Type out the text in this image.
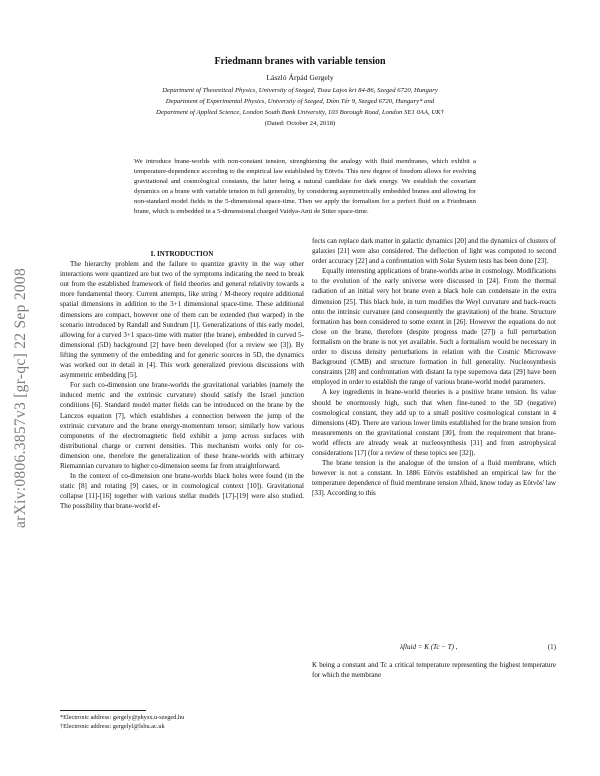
Friedmann branes with variable tension
László Árpád Gergely
Department of Theoretical Physics, University of Szeged, Tisza Lajos krt 84-86, Szeged 6720, Hungary
Department of Experimental Physics, University of Szeged, Dóm Tér 9, Szeged 6720, Hungary* and
Department of Applied Science, London South Bank University, 103 Borough Road, London SE1 0AA, UK†
(Dated: October 24, 2018)
We introduce brane-worlds with non-constant tension, strenghtening the analogy with fluid membranes, which exhibit a temperature-dependence according to the empirical law established by Eötvös. This new degree of freedom allows for evolving gravitational and cosmological constants, the latter being a natural candidate for dark energy. We establish the covariant dynamics on a brane with variable tension in full generality, by considering asymmetrically embedded branes and allowing for non-standard model fields in the 5-dimensional space-time. Then we apply the formalism for a perfect fluid on a Friedmann brane, which is embedded in a 5-dimensional charged Vaidya-Anti de Sitter space-time.
arXiv:0806.3857v3 [gr-qc] 22 Sep 2008

I. INTRODUCTION

The hierarchy problem and the failure to quantize gravity in the way other interactions were quantized are but two of the symptoms indicating the need to break out from the established framework of field theories and general relativity towards a more fundamental theory. Current attempts, like string / M-theory require additional spatial dimensions in addition to the 3+1 dimensional space-time. These additional dimensions are compact, however one of them can be extended (but warped) in the scenario introduced by Randall and Sundrum [1]. Generalizations of this early model, allowing for a curved 3+1 space-time with matter (the brane), embedded in curved 5-dimensional (5D) background [2] have been developed (for a review see [3]). By lifting the symmetry of the embedding and for generic sources in 5D, the dynamics was worked out in detail in [4]. This work generalized previous discussions with asymmetric embedding [5].

For such co-dimension one brane-worlds the gravitational variables (namely the induced metric and the extrinsic curvature) should satisfy the Israel junction conditions [6]. Standard model matter fields can be introduced on the brane by the Lanczos equation [7], which establishes a connection between the jump of the extrinsic curvature and the brane energy-momentum tensor; similarly how various components of the electromagnetic field exhibit a jump across surfaces with distributional charge or current densities. This mechanism works only for co-dimension one, therefore the generalization of these brane-worlds with arbitrary Riemannian curvature to higher co-dimension seems far from straightforward.

In the context of co-dimension one brane-worlds black holes were found (in the static [8] and rotating [9] cases, or in cosmological context [10]). Gravitational collapse [11]-[16] together with various stellar models [17]-[19] were also studied. The possibility that brane-world ef-

fects can replace dark matter in galactic dynamics [20] and the dynamics of clusters of galaxies [21] were also considered. The deflection of light was computed to second order accuracy [22] and a confrontation with Solar System tests has been done [23].

Equally interesting applications of brane-worlds arise in cosmology. Modifications to the evolution of the early universe were discussed in [24]. From the thermal radiation of an initial very hot brane even a black hole can condensate in the extra dimension [25]. This black hole, in turn modifies the Weyl curvature and back-reacts onto the intrinsic curvature (and consequently the gravitation) of the brane. Structure formation has been considered to some extent in [26]. However the equations do not close on the brane, therefore (despite progress made [27]) a full perturbation formalism on the brane is not yet available. Such a formalism would be necessary in order to discuss density perturbations in relation with the Cosmic Microwave Background (CMB) and structure formation in full generality. Nucleosynthesis constraints [28] and confrontation with distant Ia type supernova data [29] have been employed in order to establish the range of various brane-world model parameters.

A key ingredients in brane-world theories is a positive brane tension. Its value should be enormously high, such that when fine-tuned to the 5D (negative) cosmological constant, they add up to a small positive cosmological constant in 4 dimensions (4D). There are various lower limits established for the brane tension from measurements on the gravitational constant [30], from the requirement that brane-world effects are already weak at nucleosynthesis [31] and from astrophysical considerations [17] (for a review of these topics see [32]).

The brane tension is the analogue of the tension of a fluid membrane, which however is not a constant. In 1886 Eötvös established an empirical law for the temperature dependence of fluid membrane tension λfluid, know today as Eötvös' law [33]. According to this

λfluid = K (Tc − T) ,	(1)
K being a constant and Tc a critical temperature representing the highest temperature for which the membrane
*Electronic address: gergely@physx.u-szeged.hu
†Electronic address: gergelyl@lsbu.ac.uk
